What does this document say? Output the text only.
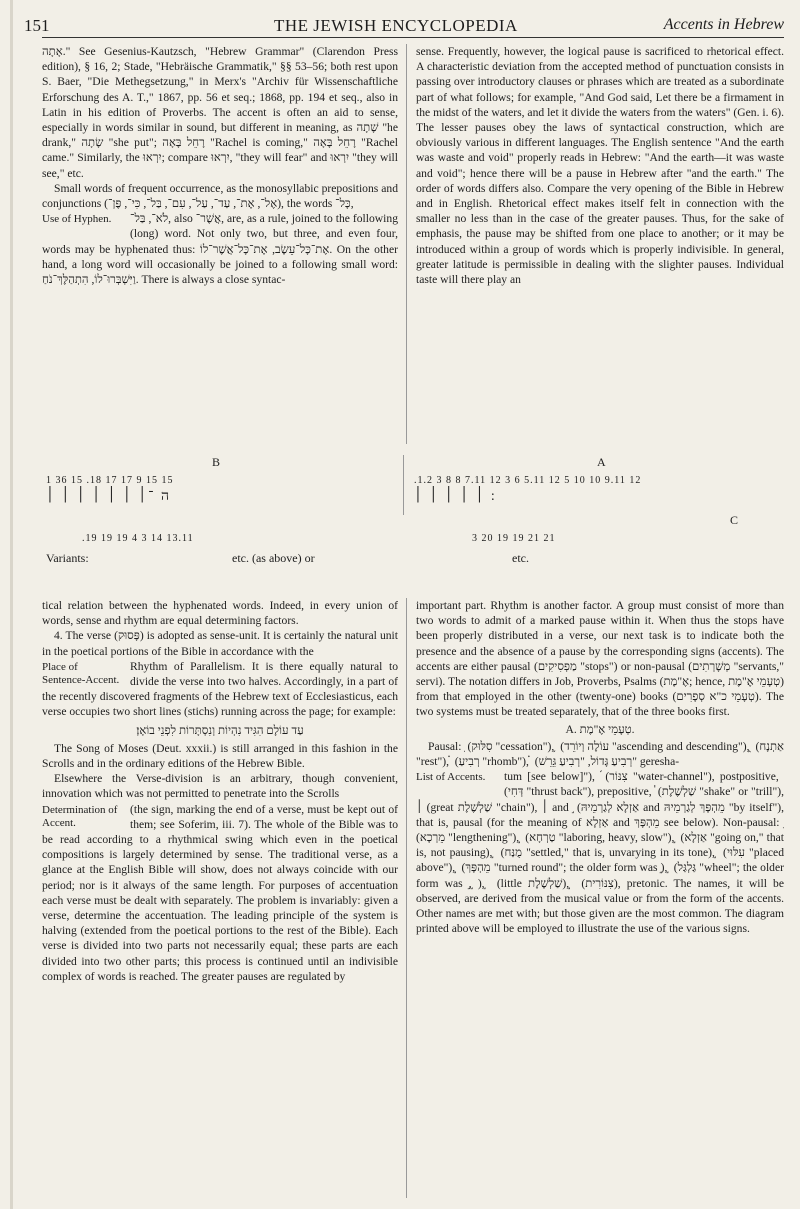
151	THE JEWISH ENCYCLOPEDIA	Accents in Hebrew

אָתָה." See Gesenius-Kautzsch, "Hebrew Grammar" (Clarendon Press edition), § 16, 2; Stade, "Hebräische Grammatik," §§ 53–56; both rest upon S. Baer, "Die Methegsetzung," in Merx's "Archiv für Wissenschaftliche Erforschung des A. T.," 1867, pp. 56 et seq.; 1868, pp. 194 et seq., also in Latin in his edition of Proverbs. The accent is often an aid to sense, especially in words similar in sound, but different in meaning, as שָׁתָה "he drank," שָׂתָה "she put"; רָחֵל בָּאָה "Rachel is coming," רָחֵל בָּאָה "Rachel came." Similarly, the יִרְאוּ; compare יִרְאוּ, "they will fear" and יִרְאוּ "they will see," etc.

Small words of frequent occurrence, as the monosyllabic prepositions and conjunctions (אֶל־, אֶת־, עַד־, עַל־, עִם־, בַּל־, כִּי־, פֶּן־), the words כָּל־,

Use of Hyphen.	לֹא־, בַּל־, also אֲשֶׁר־, are, as a rule, joined to the following (long) word. Not only two, but three, and even four, words may be hyphenated thus: אֶת־כָּל־עֵשֶׂב, אֶת־כָּל־אֲשֶׁר־לוֹ. On the other hand, a long word will occasionally be joined to a following small word: וַיִּשְׁבְּרוּ־לוֹ, הִתְהַלֶּךְ־נֹחַ. There is always a close syntac-

sense. Frequently, however, the logical pause is sacrificed to rhetorical effect. A characteristic deviation from the accepted method of punctuation consists in passing over introductory clauses or phrases which are treated as a subordinate part of what follows; for example, "And God said, Let there be a firmament in the midst of the waters, and let it divide the waters from the waters" (Gen. i. 6). The lesser pauses obey the laws of syntactical construction, which are obviously various in different languages. The English sentence "And the earth was waste and void" properly reads in Hebrew: "And the earth—it was waste and void"; hence there will be a pause in Hebrew after "and the earth." The order of words differs also. Compare the very opening of the Bible in Hebrew and in English. Rhetorical effect makes itself felt in connection with the smaller no less than in the case of the greater pauses. Thus, for the sake of emphasis, the pause may be shifted from one place to another; or it may be introduced within a group of words which is properly indivisible. In general, greater latitude is permissible in dealing with the slighter pauses. Individual taste will there play an

B	A
1 36 15 .18 17 17 9 15 15
ה ־׀ ׀ ׀ ׀ ׀ ׀ ׀
.1.2 3 8 8 7.11 12 3 6 5.11 12 5 10 10 9.11 12
׃ ׀ ׀ ׀ ׀ ׀
C
.19 19 19 4 3 14 13.11
Variants:	etc. (as above) or
3 20 19 19 21 21
etc.

tical relation between the hyphenated words. Indeed, in every union of words, sense and rhythm are equal determining factors.

4. The verse (פָּסוּק) is adopted as sense-unit. It is certainly the natural unit in the poetical portions of the Bible in accordance with the

Place of Sentence-Accent.

Rhythm of Parallelism. It is there equally natural to divide the verse into two halves. Accordingly, in a part of the recently discovered fragments of the Hebrew text of Ecclesiasticus, each verse occupies two short lines (stichs) running across the page; for example:

עַד עוֹלָם הִגִּיד נִהְיוֹת וְנִסְתָּרוֹת לִפְנֵי בוֹאָן׃

The Song of Moses (Deut. xxxii.) is still arranged in this fashion in the Scrolls and in the ordinary editions of the Hebrew Bible.

Elsewhere the Verse-division is an arbitrary, though convenient, innovation which was not permitted to penetrate into the Scrolls

Determination of Accent.

(the sign, marking the end of a verse, must be kept out of them; see Soferim, iii. 7). The whole of the Bible was to be read according to a rhythmical swing which even in the poetical compositions is largely determined by sense. The traditional verse, as a glance at the English Bible will show, does not always coincide with our period; nor is it always of the same length. For purposes of accentuation each verse must be dealt with separately. The problem is invariably: given a verse, determine the accentuation. The leading principle of the system is halving (extended from the poetical portions to the rest of the Bible). Each verse is divided into two parts not necessarily equal; these parts are each divided into two other parts; this process is continued until an indivisible complex of words is reached. The greater pauses are regulated by

important part. Rhythm is another factor. A group must consist of more than two words to admit of a marked pause within it. When thus the stops have been properly distributed in a verse, our next task is to indicate both the presence and the absence of a pause by the corresponding signs (accents). The accents are either pausal (מַפְסִיקִים "stops") or non-pausal (מְשָׁרְתִים "servants," servi). The notation differs in Job, Proverbs, Psalms (אֶ"מֶת; hence, טְעָמֵי אֶ"מֶת) from that employed in the other (twenty-one) books (טְעָמֵי כ"א סְפָרִים). The two systems must be treated separately, that of the three books first.

A. טְעָמֵי אֶ"מֶת.

Pausal: ֽ (סִלּוּק "cessation"), ֥ (עוֹלֶה וְיוֹרֵד "ascending and descending"), ֑ (אַתְנָח "rest"), ֗ (רְבִיעַ "rhomb"), ֗ (רְבִיעַ גָּדוֹל, "רְבִיעַ גֵּרֵשׁ" geresha-

List of Accents.	tum [see below]"), ֜ (צִנּוֹר "water-channel"), postpositive, ֚ (דְּחִי "thrust back"), prepositive, ֓ (שַׁלְשֶׁלֶת "shake" or "trill"), ׀ (great שַׁלְשֶׁלֶת "chain"), ׀ and ֣ (אַזְלָא לְגַרְמֵיהּ and מֵהְפָּךְ לְגַרְמֵיהּ "by itself"), that is, pausal (for the meaning of אַזְלָא and מֵהְפָּךְ see below). Non-pausal: ֣ (מֵרְכָא "lengthening"), ֣ (טַרְחָא "laboring, heavy, slow"), ֣ (אַזְלָא "going on," that is, not pausing), ֣ (מֻנַּח "settled," that is, unvarying in its tone), ֣ (עִלּוּי "placed above"), ֣ (מֵהְפָּךְ "turned round"; the older form was ֣), ֣ (גַּלְגַּל "wheel"; the older form was ֣, ֣), ֣ (little שַׁלְשֶׁלֶת), ֣ (צִנּוֹרִית), pretonic. The names, it will be observed, are derived from the musical value or from the form of the accents. Other names are met with; but those given are the most common. The diagram printed above will be employed to illustrate the use of the various signs.
